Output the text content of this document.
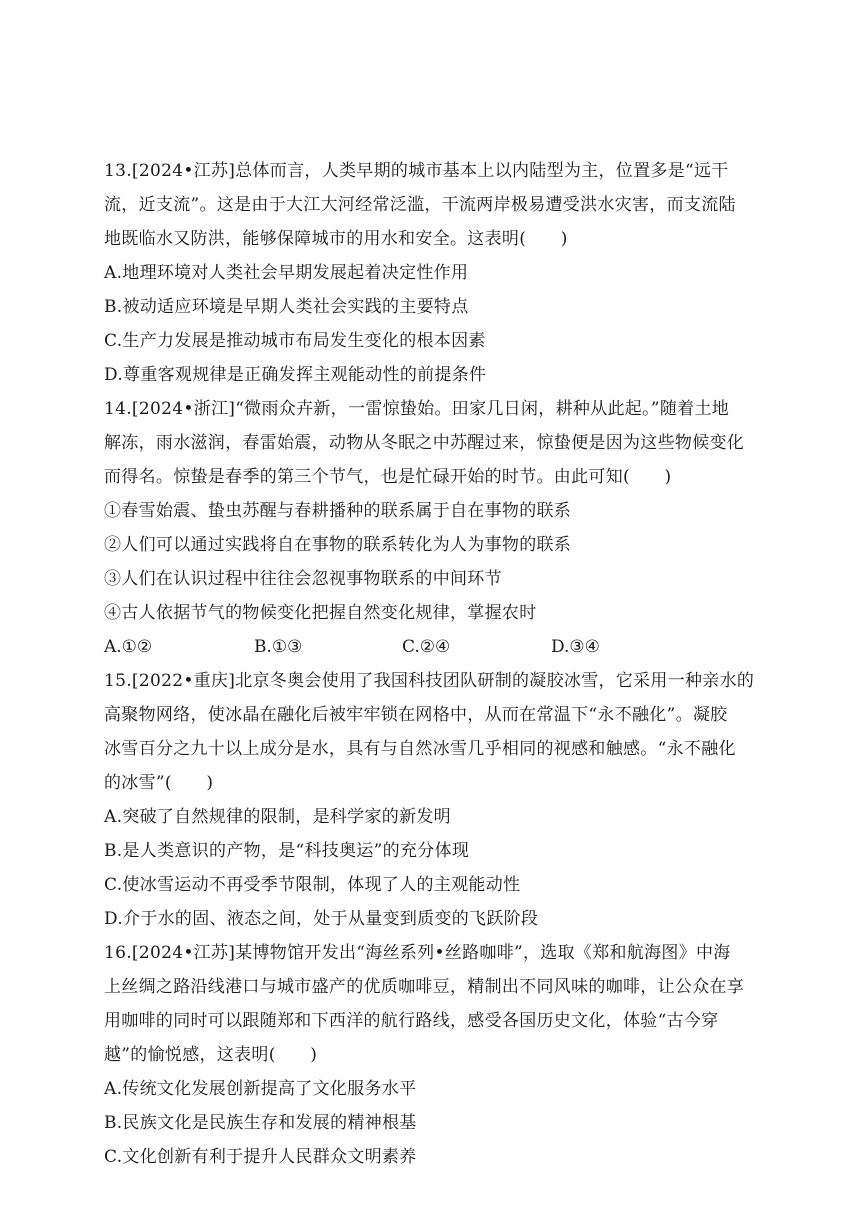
13.[2024•江苏]总体而言，人类早期的城市基本上以内陆型为主，位置多是“远干
流，近支流”。这是由于大江大河经常泛滥，干流两岸极易遭受洪水灾害，而支流陆
地既临水又防洪，能够保障城市的用水和安全。这表明(　　)
A.地理环境对人类社会早期发展起着决定性作用
B.被动适应环境是早期人类社会实践的主要特点
C.生产力发展是推动城市布局发生变化的根本因素
D.尊重客观规律是正确发挥主观能动性的前提条件
14.[2024•浙江]“微雨众卉新，一雷惊蛰始。田家几日闲，耕种从此起。”随着土地
解冻，雨水滋润，春雷始震，动物从冬眠之中苏醒过来，惊蛰便是因为这些物候变化
而得名。惊蛰是春季的第三个节气，也是忙碌开始的时节。由此可知(　　)
①春雪始震、蛰虫苏醒与春耕播种的联系属于自在事物的联系
②人们可以通过实践将自在事物的联系转化为人为事物的联系
③人们在认识过程中往往会忽视事物联系的中间环节
④古人依据节气的物候变化把握自然变化规律，掌握农时
A.①②	B.①③	C.②④	D.③④
15.[2022•重庆]北京冬奥会使用了我国科技团队研制的凝胶冰雪，它采用一种亲水的
高聚物网络，使冰晶在融化后被牢牢锁在网格中，从而在常温下“永不融化”。凝胶
冰雪百分之九十以上成分是水，具有与自然冰雪几乎相同的视感和触感。“永不融化
的冰雪”(　　)
A.突破了自然规律的限制，是科学家的新发明
B.是人类意识的产物，是“科技奥运”的充分体现
C.使冰雪运动不再受季节限制，体现了人的主观能动性
D.介于水的固、液态之间，处于从量变到质变的飞跃阶段
16.[2024•江苏]某博物馆开发出“海丝系列•丝路咖啡”，选取《郑和航海图》中海
上丝绸之路沿线港口与城市盛产的优质咖啡豆，精制出不同风味的咖啡，让公众在享
用咖啡的同时可以跟随郑和下西洋的航行路线，感受各国历史文化，体验“古今穿
越”的愉悦感，这表明(　　)
A.传统文化发展创新提高了文化服务水平
B.民族文化是民族生存和发展的精神根基
C.文化创新有利于提升人民群众文明素养
